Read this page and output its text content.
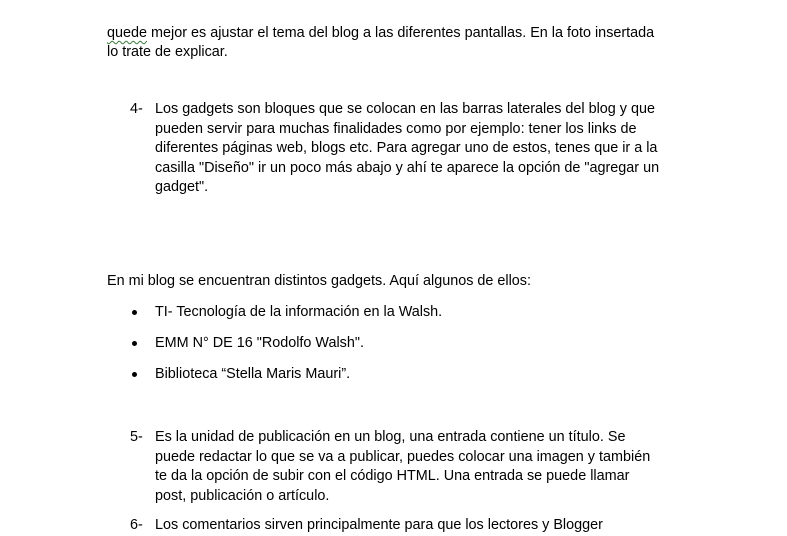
quede mejor es ajustar el tema del blog a las diferentes pantallas. En la foto insertada
lo trate de explicar.
4- Los gadgets son bloques que se colocan en las barras laterales del blog y que
pueden servir para muchas finalidades como por ejemplo: tener los links de
diferentes páginas web, blogs etc. Para agregar uno de estos, tenes que ir a la
casilla "Diseño" ir un poco más abajo y ahí te aparece la opción de "agregar un
gadget".
En mi blog se encuentran distintos gadgets. Aquí algunos de ellos:
TI- Tecnología de la información en la Walsh.
EMM N° DE 16 "Rodolfo Walsh".
Biblioteca “Stella Maris Mauri”.
5- Es la unidad de publicación en un blog, una entrada contiene un título. Se
puede redactar lo que se va a publicar, puedes colocar una imagen y también
te da la opción de subir con el código HTML. Una entrada se puede llamar
post, publicación o artículo.
6- Los comentarios sirven principalmente para que los lectores y Blogger
